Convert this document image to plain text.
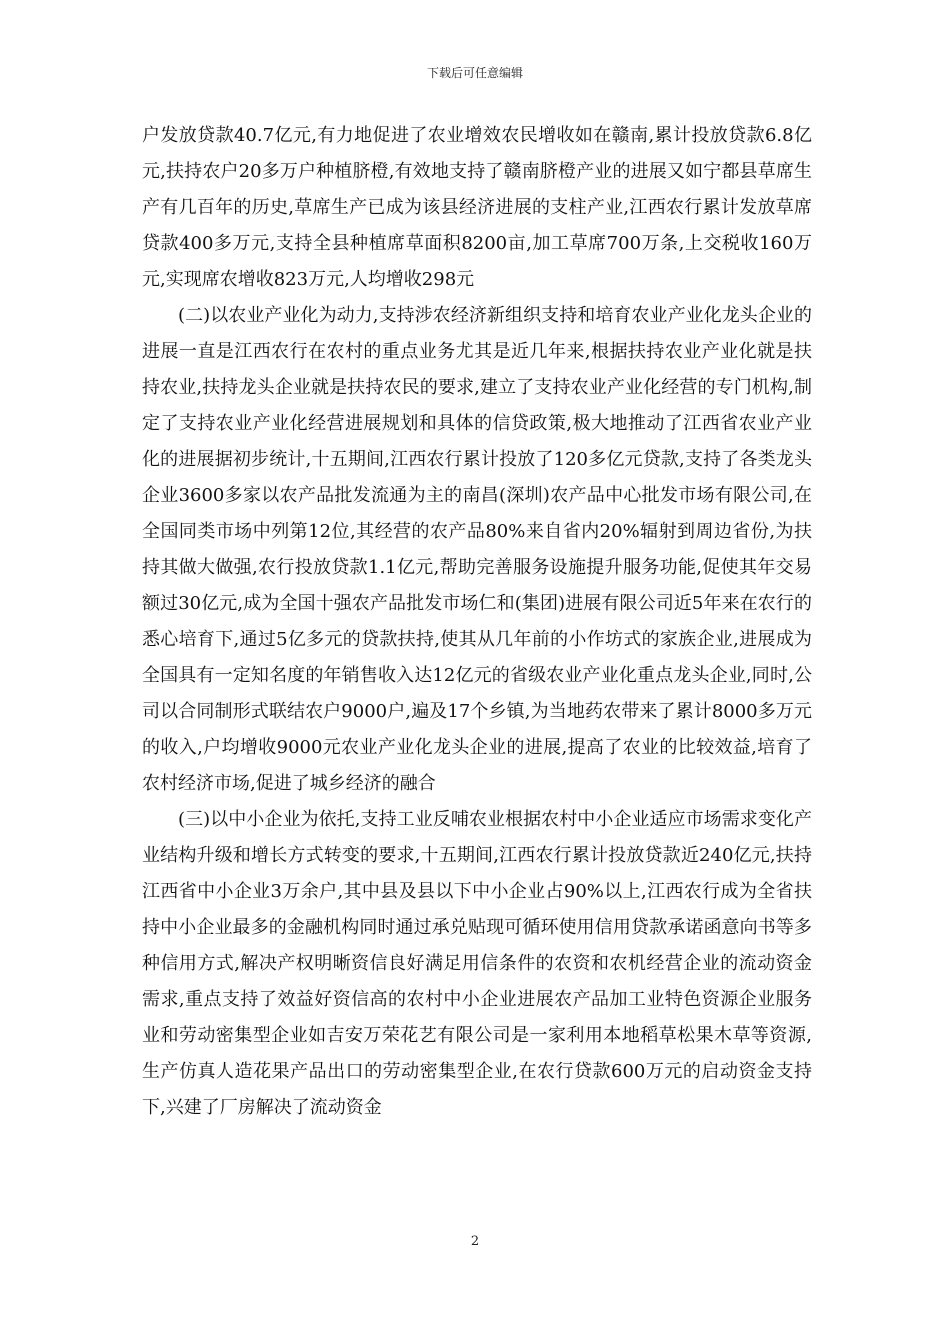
下载后可任意编辑

户发放贷款40.7亿元,有力地促进了农业增效农民增收如在赣南,累计投放贷款6.8亿元,扶持农户20多万户种植脐橙,有效地支持了赣南脐橙产业的进展又如宁都县草席生产有几百年的历史,草席生产已成为该县经济进展的支柱产业,江西农行累计发放草席贷款400多万元,支持全县种植席草面积8200亩,加工草席700万条,上交税收160万元,实现席农增收823万元,人均增收298元

(二)以农业产业化为动力,支持涉农经济新组织支持和培育农业产业化龙头企业的进展一直是江西农行在农村的重点业务尤其是近几年来,根据扶持农业产业化就是扶持农业,扶持龙头企业就是扶持农民的要求,建立了支持农业产业化经营的专门机构,制定了支持农业产业化经营进展规划和具体的信贷政策,极大地推动了江西省农业产业化的进展据初步统计,十五期间,江西农行累计投放了120多亿元贷款,支持了各类龙头企业3600多家以农产品批发流通为主的南昌(深圳)农产品中心批发市场有限公司,在全国同类市场中列第12位,其经营的农产品80%来自省内20%辐射到周边省份,为扶持其做大做强,农行投放贷款1.1亿元,帮助完善服务设施提升服务功能,促使其年交易额过30亿元,成为全国十强农产品批发市场仁和(集团)进展有限公司近5年来在农行的悉心培育下,通过5亿多元的贷款扶持,使其从几年前的小作坊式的家族企业,进展成为全国具有一定知名度的年销售收入达12亿元的省级农业产业化重点龙头企业,同时,公司以合同制形式联结农户9000户,遍及17个乡镇,为当地药农带来了累计8000多万元的收入,户均增收9000元农业产业化龙头企业的进展,提高了农业的比较效益,培育了农村经济市场,促进了城乡经济的融合

(三)以中小企业为依托,支持工业反哺农业根据农村中小企业适应市场需求变化产业结构升级和增长方式转变的要求,十五期间,江西农行累计投放贷款近240亿元,扶持江西省中小企业3万余户,其中县及县以下中小企业占90%以上,江西农行成为全省扶持中小企业最多的金融机构同时通过承兑贴现可循环使用信用贷款承诺函意向书等多种信用方式,解决产权明晰资信良好满足用信条件的农资和农机经营企业的流动资金需求,重点支持了效益好资信高的农村中小企业进展农产品加工业特色资源企业服务业和劳动密集型企业如吉安万荣花艺有限公司是一家利用本地稻草松果木草等资源,生产仿真人造花果产品出口的劳动密集型企业,在农行贷款600万元的启动资金支持下,兴建了厂房解决了流动资金

2
